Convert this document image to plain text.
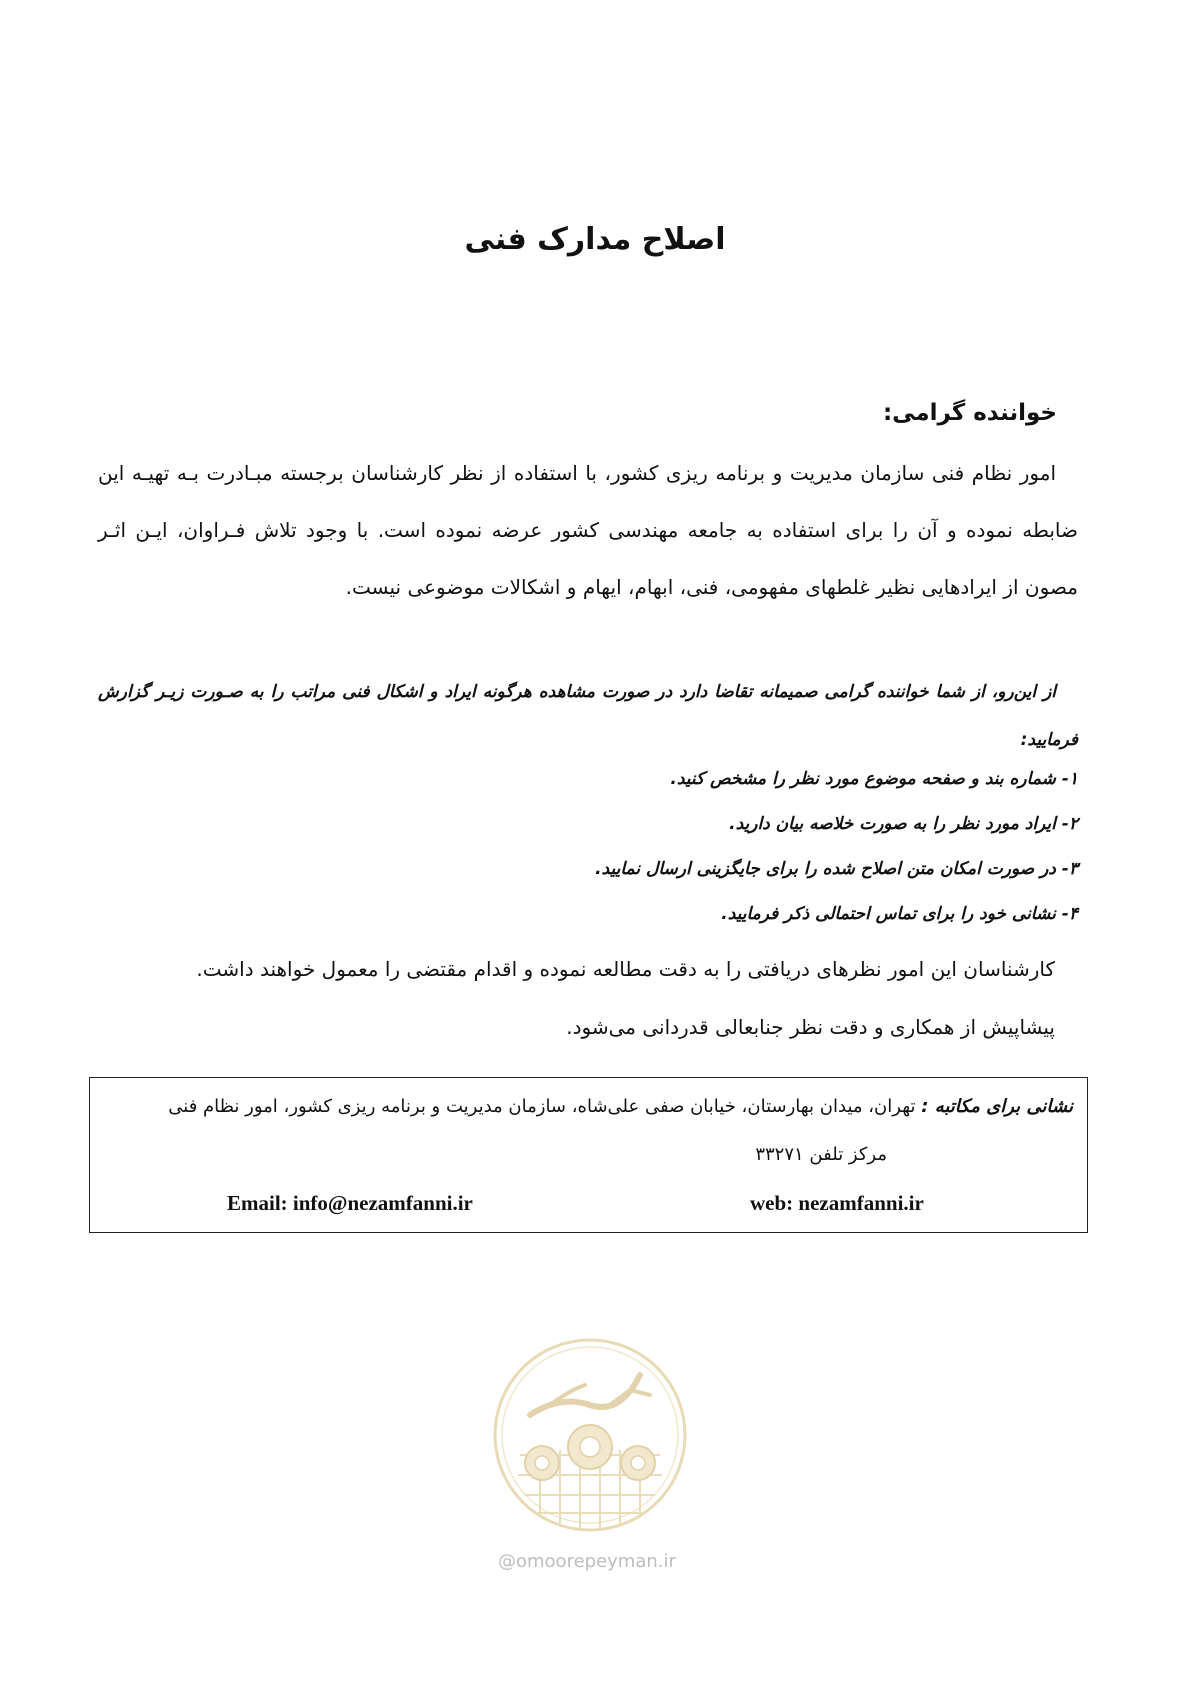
اصلاح مدارک فنی
خواننده گرامی:

امور نظام فنی سازمان مدیریت و برنامه ریزی کشور، با استفاده از نظر کارشناسان برجسته مبـادرت بـه تهیـه این ضابطه نموده و آن را برای استفاده به جامعه مهندسی کشور عرضه نموده است. با وجود تلاش فـراوان، ایـن اثـر مصون از ایرادهایی نظیر غلطهای مفهومی، فنی، ابهام، ایهام و اشکالات موضوعی نیست.

از این‌رو، از شما خواننده گرامی صمیمانه تقاضا دارد در صورت مشاهده هرگونه ایراد و اشکال فنی مراتب را به صـورت زیـر گزارش فرمایید:

۱- شماره بند و صفحه موضوع مورد نظر را مشخص کنید.
۲- ایراد مورد نظر را به صورت خلاصه بیان دارید.
۳- در صورت امکان متن اصلاح شده را برای جایگزینی ارسال نمایید.
۴- نشانی خود را برای تماس احتمالی ذکر فرمایید.
کارشناسان این امور نظرهای دریافتی را به دقت مطالعه نموده و اقدام مقتضی را معمول خواهند داشت.
پیشاپیش از همکاری و دقت نظر جنابعالی قدردانی می‌شود.
نشانی برای مکاتبه : تهران، میدان بهارستان، خیابان صفی علی‌شاه، سازمان مدیریت و برنامه ریزی کشور، امور نظام فنی
مرکز تلفن ۳۳۲۷۱
web: nezamfanni.ir
Email: info@nezamfanni.ir
@omoorepeyman.ir
